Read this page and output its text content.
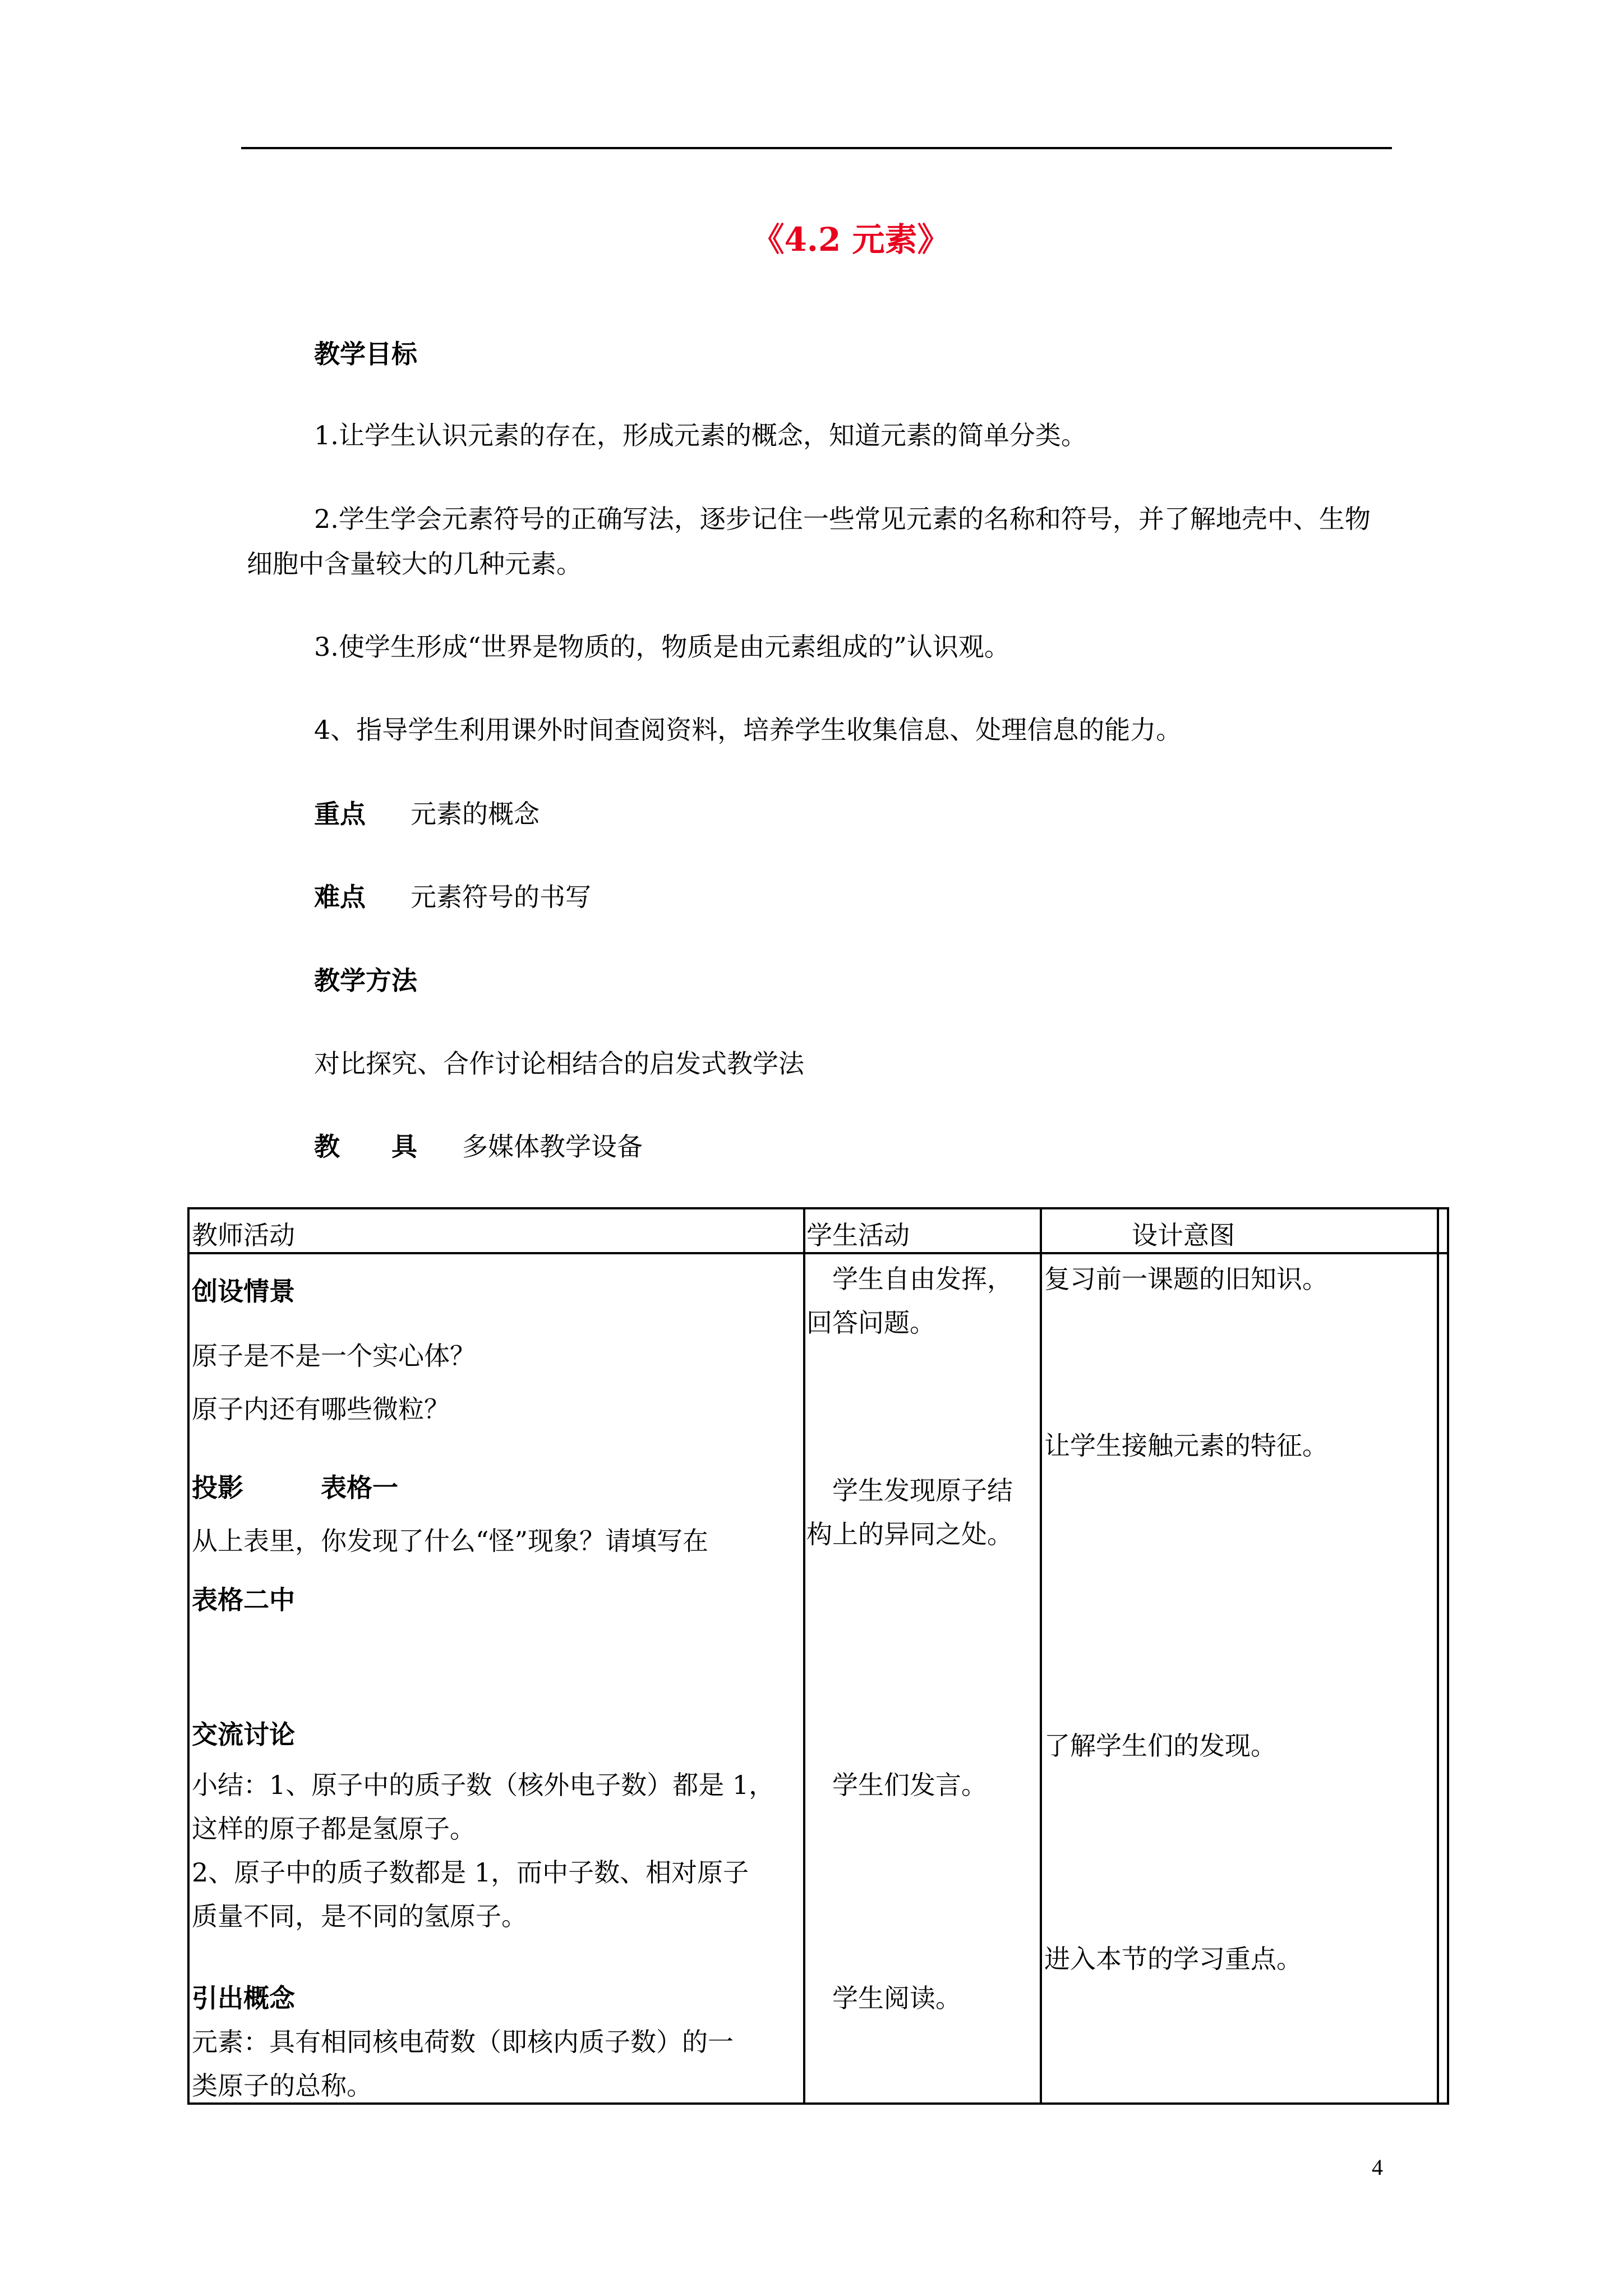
《4.2 元素》
教学目标
1.让学生认识元素的存在，形成元素的概念，知道元素的简单分类。
2.学生学会元素符号的正确写法，逐步记住一些常见元素的名称和符号，并了解地壳中、生物细胞中含量较大的几种元素。
3.使学生形成“世界是物质的，物质是由元素组成的”认识观。
4、指导学生利用课外时间查阅资料，培养学生收集信息、处理信息的能力。
重点 元素的概念
难点 元素符号的书写
教学方法
对比探究、合作讨论相结合的启发式教学法
教　　具 多媒体教学设备
教师活动	学生活动	设计意图
创设情景
原子是不是一个实心体？
原子内还有哪些微粒？
投影　　　表格一
从上表里，你发现了什么“怪”现象？请填写在
表格二中
交流讨论
小结：1、原子中的质子数（核外电子数）都是 1，
这样的原子都是氢原子。
2、原子中的质子数都是 1，而中子数、相对原子
质量不同，是不同的氢原子。
引出概念
元素：具有相同核电荷数（即核内质子数）的一
类原子的总称。
　学生自由发挥，
回答问题。
　学生发现原子结
构上的异同之处。
　学生们发言。
　学生阅读。
复习前一课题的旧知识。
让学生接触元素的特征。
了解学生们的发现。
进入本节的学习重点。
4
